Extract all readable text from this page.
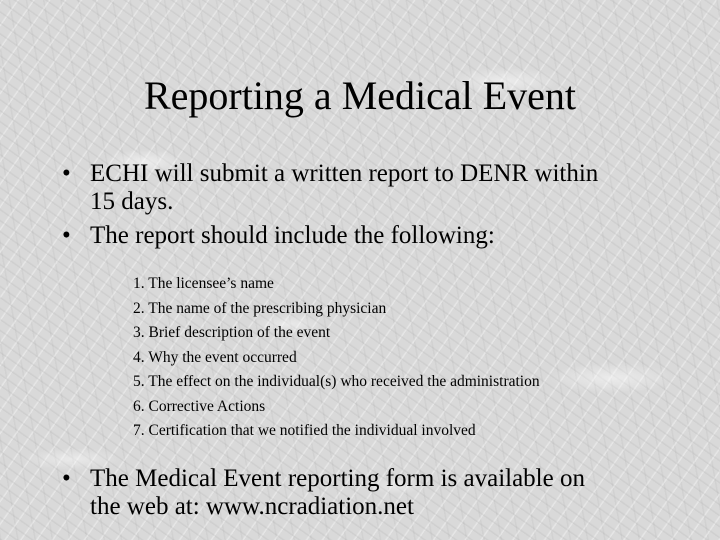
Reporting a Medical Event
• ECHI will submit a written report to DENR within
15 days.
• The report should include the following:
1. The licensee’s name
2. The name of the prescribing physician
3. Brief description of the event
4. Why the event occurred
5. The effect on the individual(s) who received the administration
6. Corrective Actions
7. Certification that we notified the individual involved
• The Medical Event reporting form is available on
the web at: www.ncradiation.net
